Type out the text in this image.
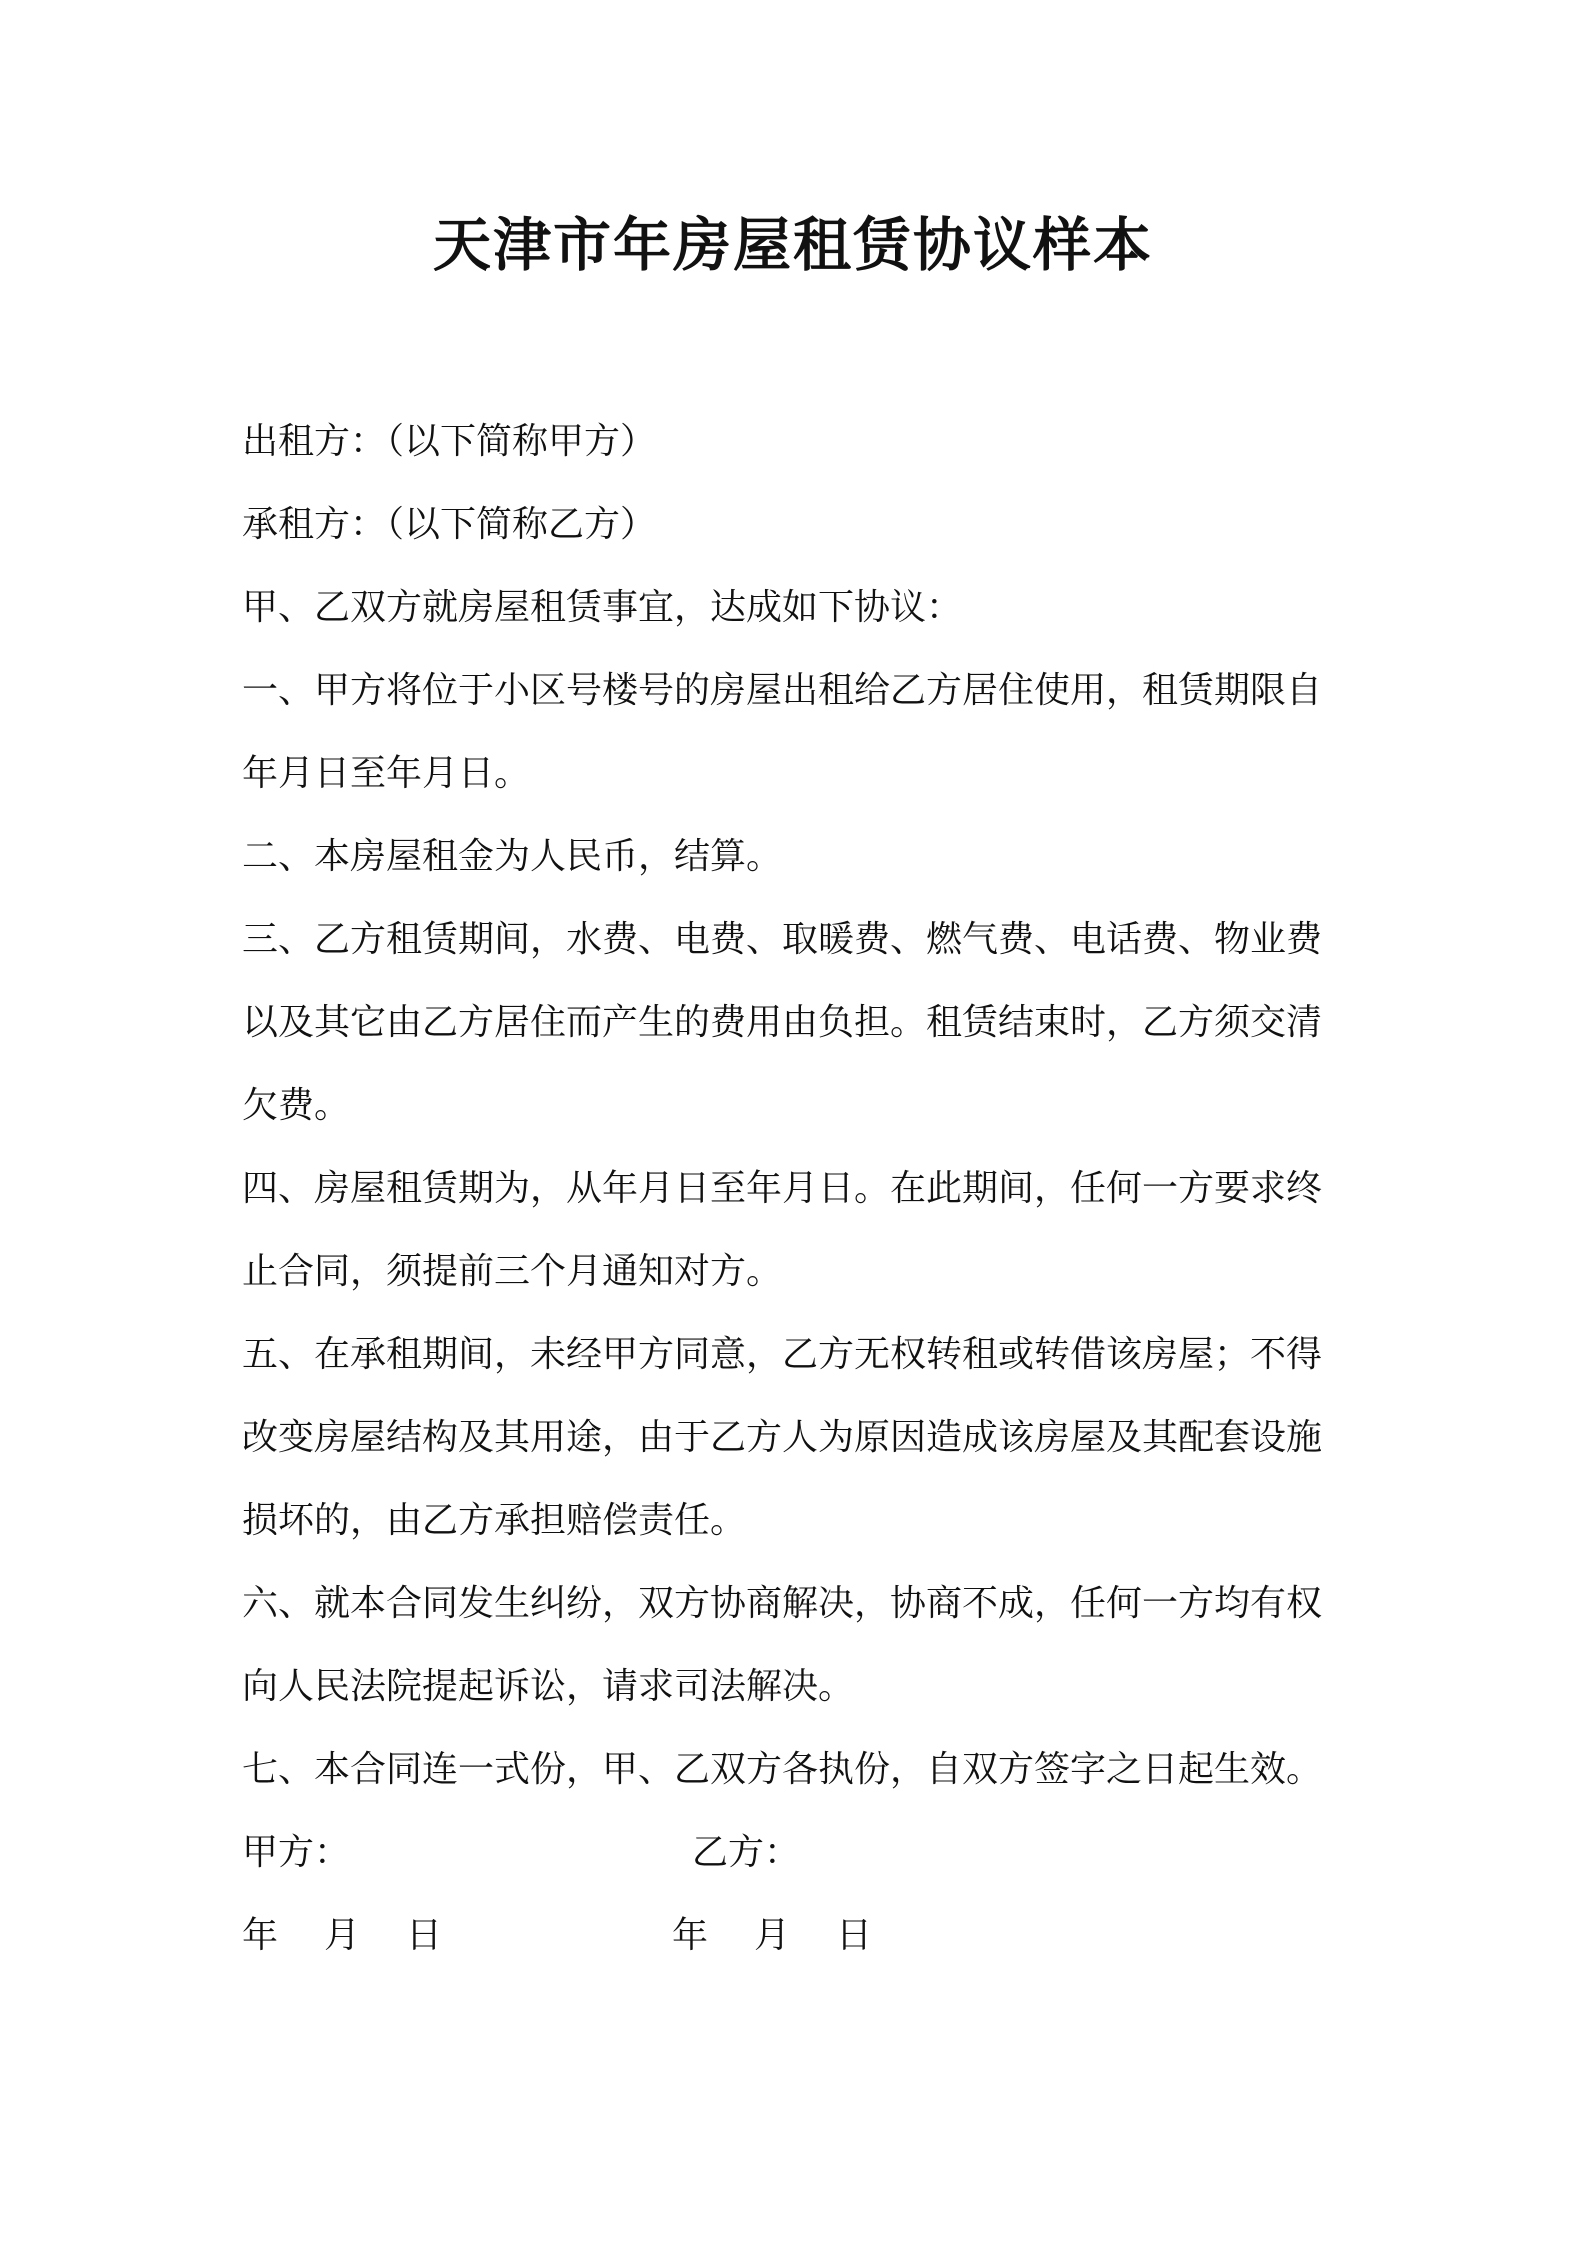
天津市年房屋租赁协议样本

出租方：（以下简称甲方）

承租方：（以下简称乙方）

甲、乙双方就房屋租赁事宜，达成如下协议：

一、甲方将位于小区号楼号的房屋出租给乙方居住使用，租赁期限自

年月日至年月日。

二、本房屋租金为人民币，结算。

三、乙方租赁期间，水费、电费、取暖费、燃气费、电话费、物业费

以及其它由乙方居住而产生的费用由负担。租赁结束时，乙方须交清

欠费。

四、房屋租赁期为，从年月日至年月日。在此期间，任何一方要求终

止合同，须提前三个月通知对方。

五、在承租期间，未经甲方同意，乙方无权转租或转借该房屋；不得

改变房屋结构及其用途，由于乙方人为原因造成该房屋及其配套设施

损坏的，由乙方承担赔偿责任。

六、就本合同发生纠纷，双方协商解决，协商不成，任何一方均有权

向人民法院提起诉讼，请求司法解决。

七、本合同连一式份，甲、乙双方各执份，自双方签字之日起生效。

甲方：	乙方：
年 月 日	年 月 日
